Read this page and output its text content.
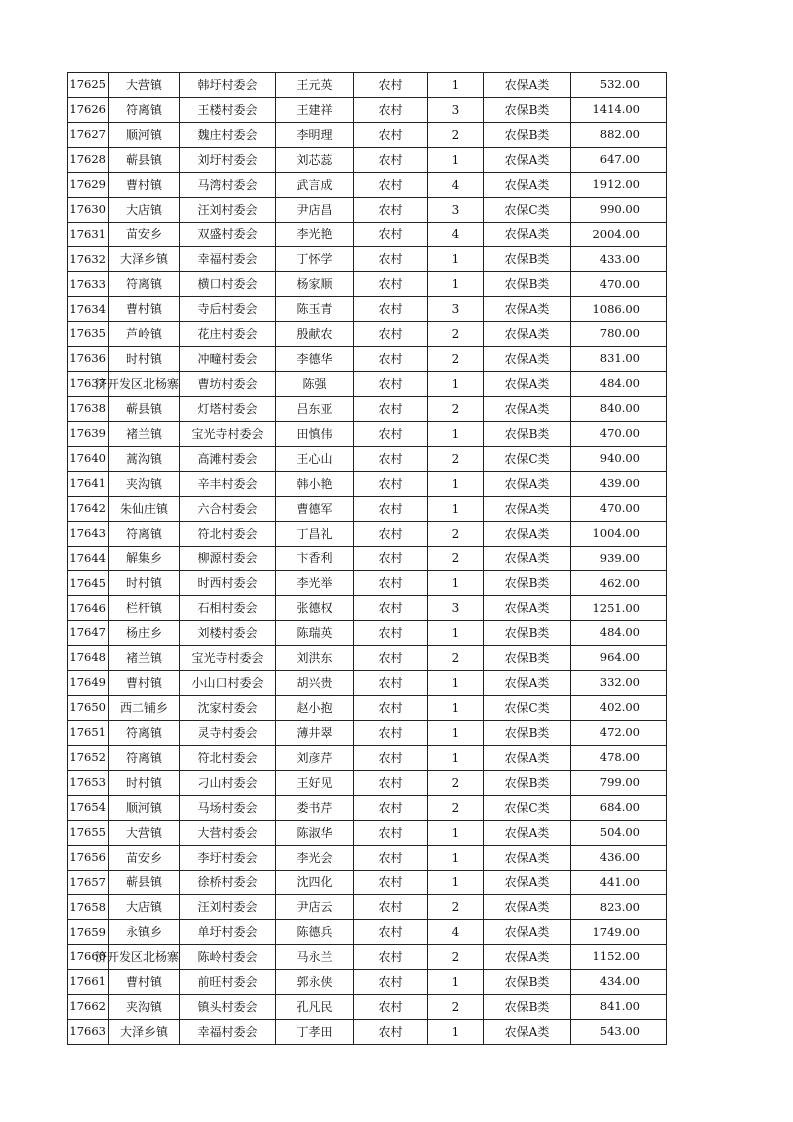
17625	大营镇	韩圩村委会	王元英	农村	1	农保A类	532.00
17626	符离镇	王楼村委会	王建祥	农村	3	农保B类	1414.00
17627	顺河镇	魏庄村委会	李明理	农村	2	农保B类	882.00
17628	蕲县镇	刘圩村委会	刘芯蕊	农村	1	农保A类	647.00
17629	曹村镇	马湾村委会	武言成	农村	4	农保A类	1912.00
17630	大店镇	汪刘村委会	尹店昌	农村	3	农保C类	990.00
17631	苗安乡	双盛村委会	李光艳	农村	4	农保A类	2004.00
17632	大泽乡镇	幸福村委会	丁怀学	农村	1	农保B类	433.00
17633	符离镇	横口村委会	杨家顺	农村	1	农保B类	470.00
17634	曹村镇	寺后村委会	陈玉青	农村	3	农保A类	1086.00
17635	芦岭镇	花庄村委会	殷献农	农村	2	农保A类	780.00
17636	时村镇	冲疃村委会	李德华	农村	2	农保A类	831.00
17637	济开发区北杨寨	曹坊村委会	陈强	农村	1	农保A类	484.00
17638	蕲县镇	灯塔村委会	吕东亚	农村	2	农保A类	840.00
17639	褚兰镇	宝光寺村委会	田慎伟	农村	1	农保B类	470.00
17640	蒿沟镇	高滩村委会	王心山	农村	2	农保C类	940.00
17641	夹沟镇	辛丰村委会	韩小艳	农村	1	农保A类	439.00
17642	朱仙庄镇	六合村委会	曹德军	农村	1	农保A类	470.00
17643	符离镇	符北村委会	丁昌礼	农村	2	农保A类	1004.00
17644	解集乡	柳源村委会	卞香利	农村	2	农保A类	939.00
17645	时村镇	时西村委会	李光举	农村	1	农保B类	462.00
17646	栏杆镇	石相村委会	张德权	农村	3	农保A类	1251.00
17647	杨庄乡	刘楼村委会	陈瑞英	农村	1	农保B类	484.00
17648	褚兰镇	宝光寺村委会	刘洪东	农村	2	农保B类	964.00
17649	曹村镇	小山口村委会	胡兴贵	农村	1	农保A类	332.00
17650	西二铺乡	沈家村委会	赵小抱	农村	1	农保C类	402.00
17651	符离镇	灵寺村委会	薄井翠	农村	1	农保B类	472.00
17652	符离镇	符北村委会	刘彦芹	农村	1	农保A类	478.00
17653	时村镇	刁山村委会	王好见	农村	2	农保B类	799.00
17654	顺河镇	马场村委会	娄书芹	农村	2	农保C类	684.00
17655	大营镇	大营村委会	陈淑华	农村	1	农保A类	504.00
17656	苗安乡	李圩村委会	李光会	农村	1	农保A类	436.00
17657	蕲县镇	徐桥村委会	沈四化	农村	1	农保A类	441.00
17658	大店镇	汪刘村委会	尹店云	农村	2	农保A类	823.00
17659	永镇乡	单圩村委会	陈德兵	农村	4	农保A类	1749.00
17660	济开发区北杨寨	陈岭村委会	马永兰	农村	2	农保A类	1152.00
17661	曹村镇	前旺村委会	郭永侠	农村	1	农保B类	434.00
17662	夹沟镇	镇头村委会	孔凡民	农村	2	农保B类	841.00
17663	大泽乡镇	幸福村委会	丁孝田	农村	1	农保A类	543.00
